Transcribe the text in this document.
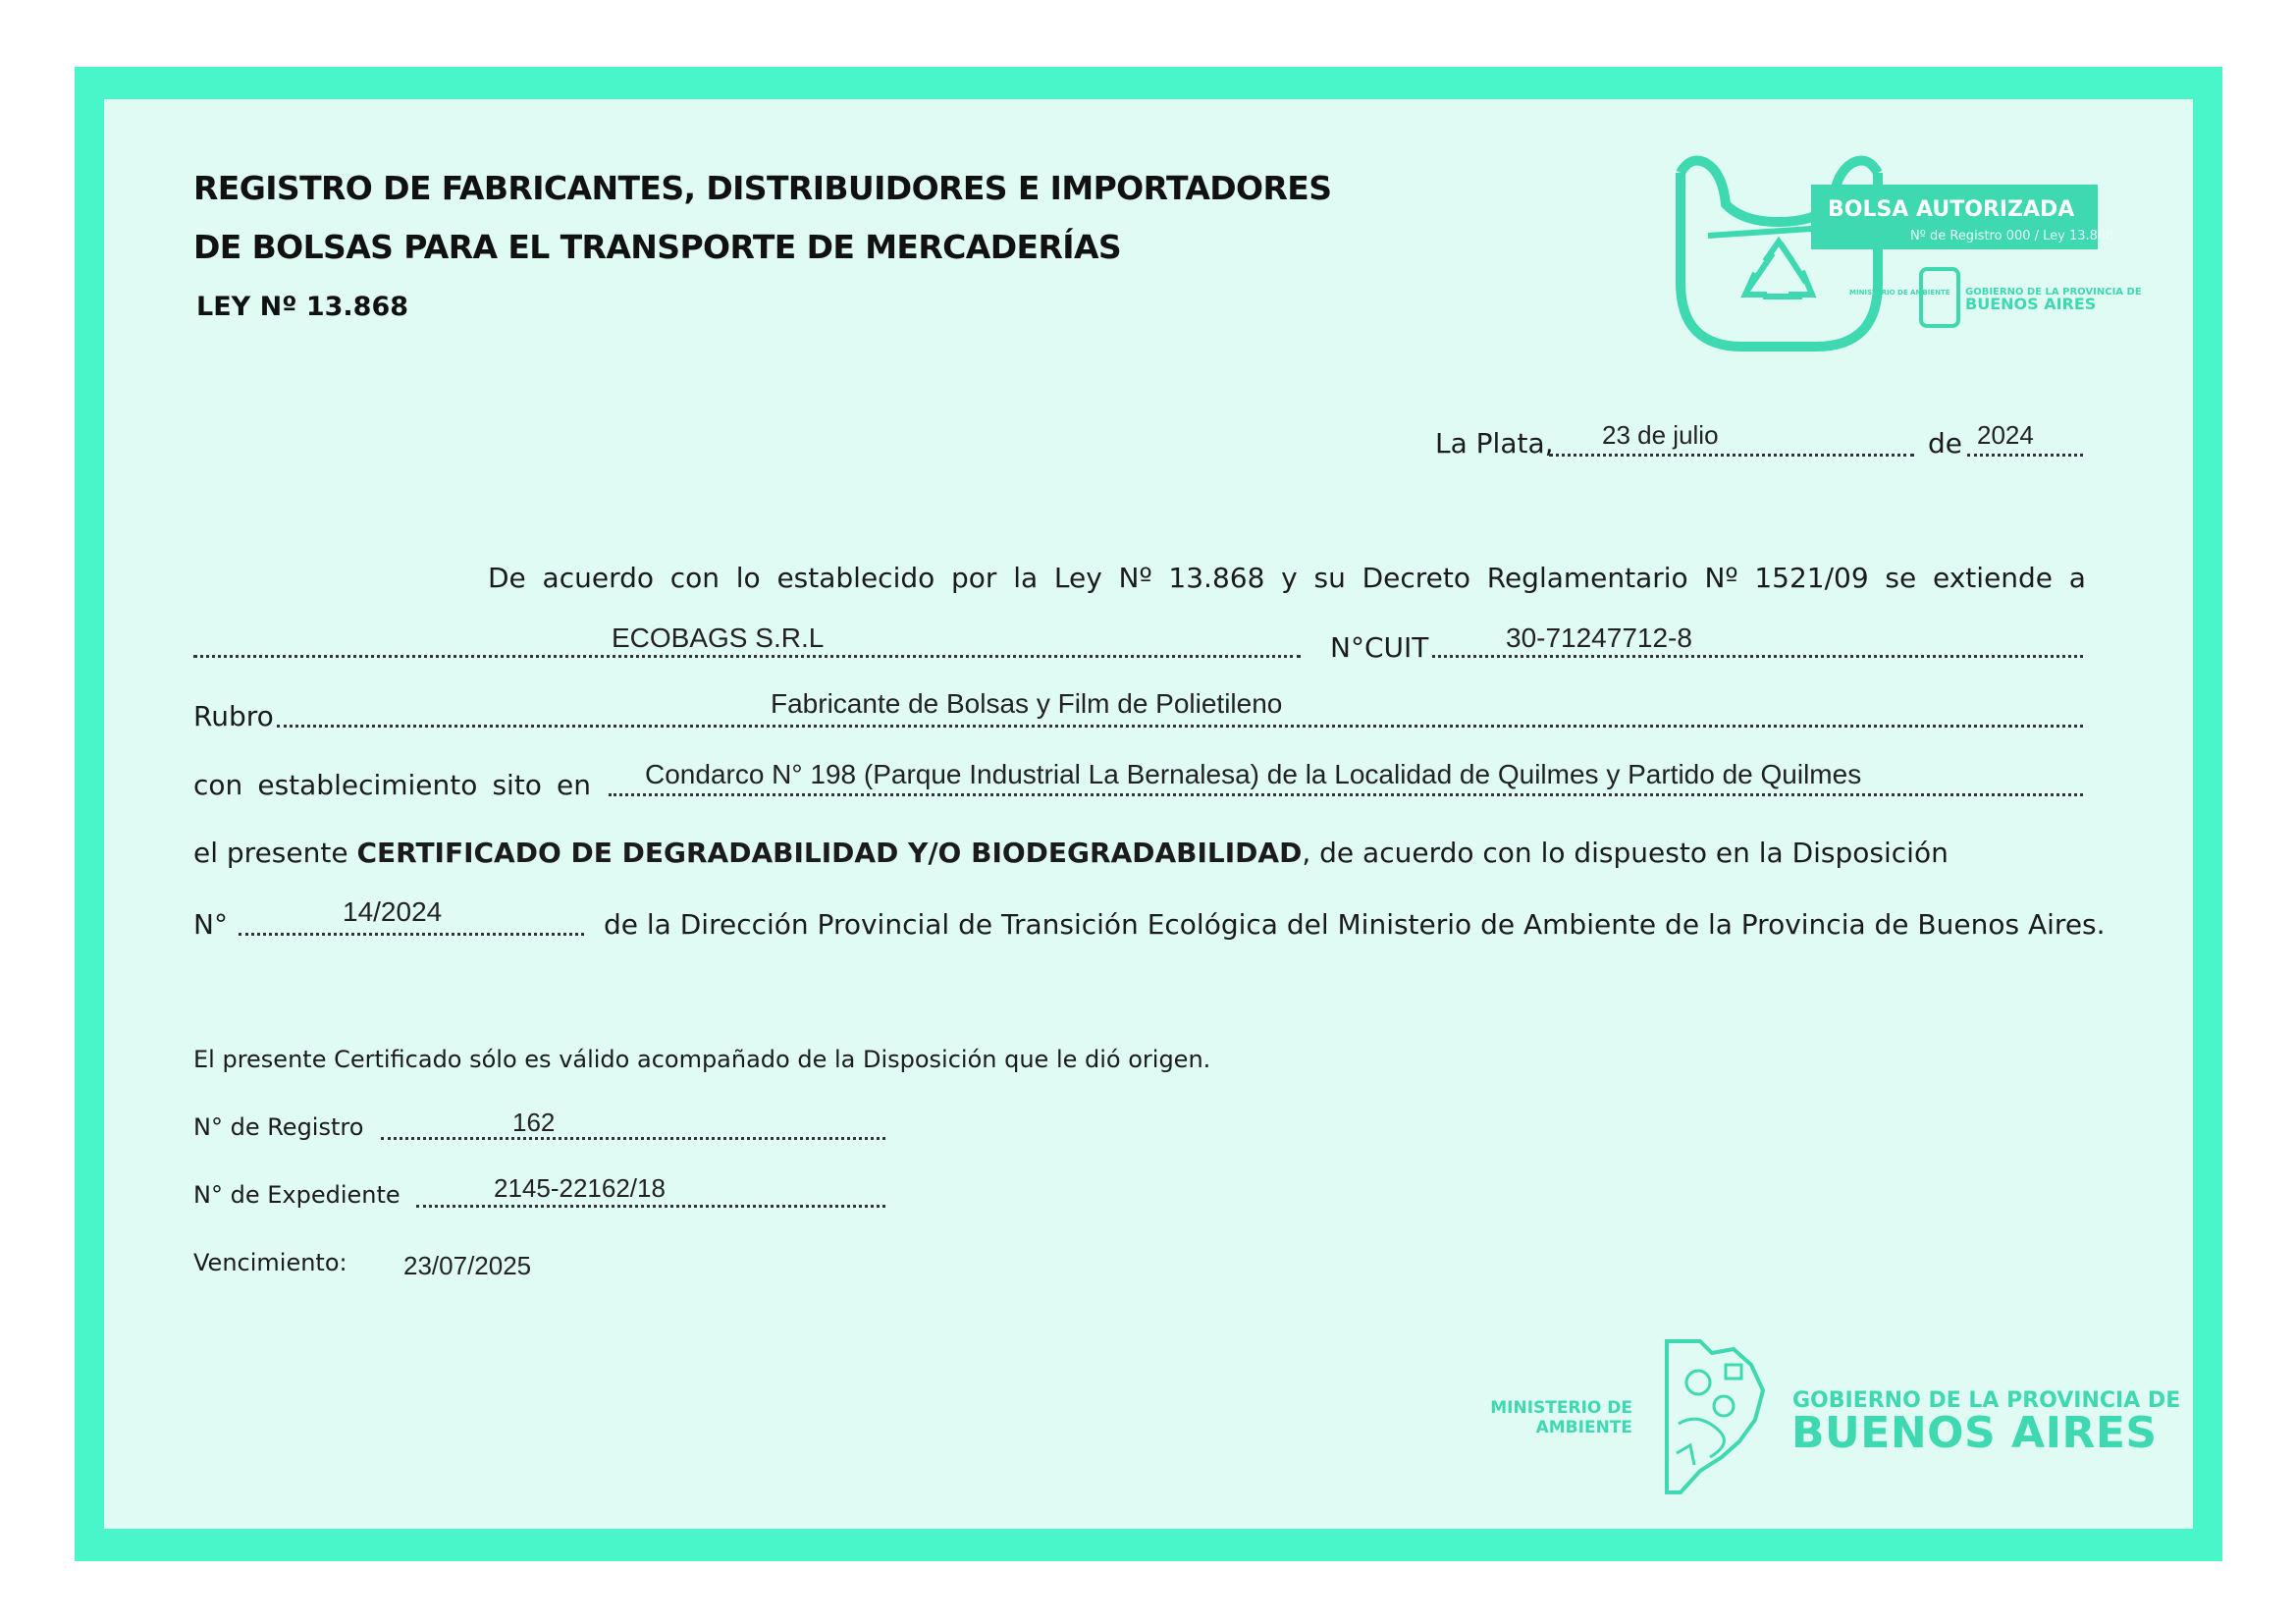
REGISTRO DE FABRICANTES, DISTRIBUIDORES E IMPORTADORES
DE BOLSAS PARA EL TRANSPORTE DE MERCADERÍAS
LEY Nº 13.868
BOLSA AUTORIZADA
Nº de Registro 000 / Ley 13.868
MINISTERIO DE AMBIENTE GOBIERNO DE LA PROVINCIA DE
BUENOS AIRES
La Plata, 23 de julio	de 2024
De acuerdo con lo establecido por la Ley Nº 13.868 y su Decreto Reglamentario Nº 1521/09 se extiende a
ECOBAGS S.R.L	N°CUIT	30-71247712-8
Rubro	Fabricante de Bolsas y Film de Polietileno
con establecimiento sito en Condarco N° 198 (Parque Industrial La Bernalesa) de la Localidad de Quilmes y Partido de Quilmes
el presente CERTIFICADO DE DEGRADABILIDAD Y/O BIODEGRADABILIDAD, de acuerdo con lo dispuesto en la Disposición
N°	14/2024	de la Dirección Provincial de Transición Ecológica del Ministerio de Ambiente de la Provincia de Buenos Aires.
El presente Certificado sólo es válido acompañado de la Disposición que le dió origen.
N° de Registro	162
N° de Expediente	2145-22162/18
Vencimiento: 23/07/2025
MINISTERIO DE
AMBIENTE
GOBIERNO DE LA PROVINCIA DE
BUENOS AIRES
